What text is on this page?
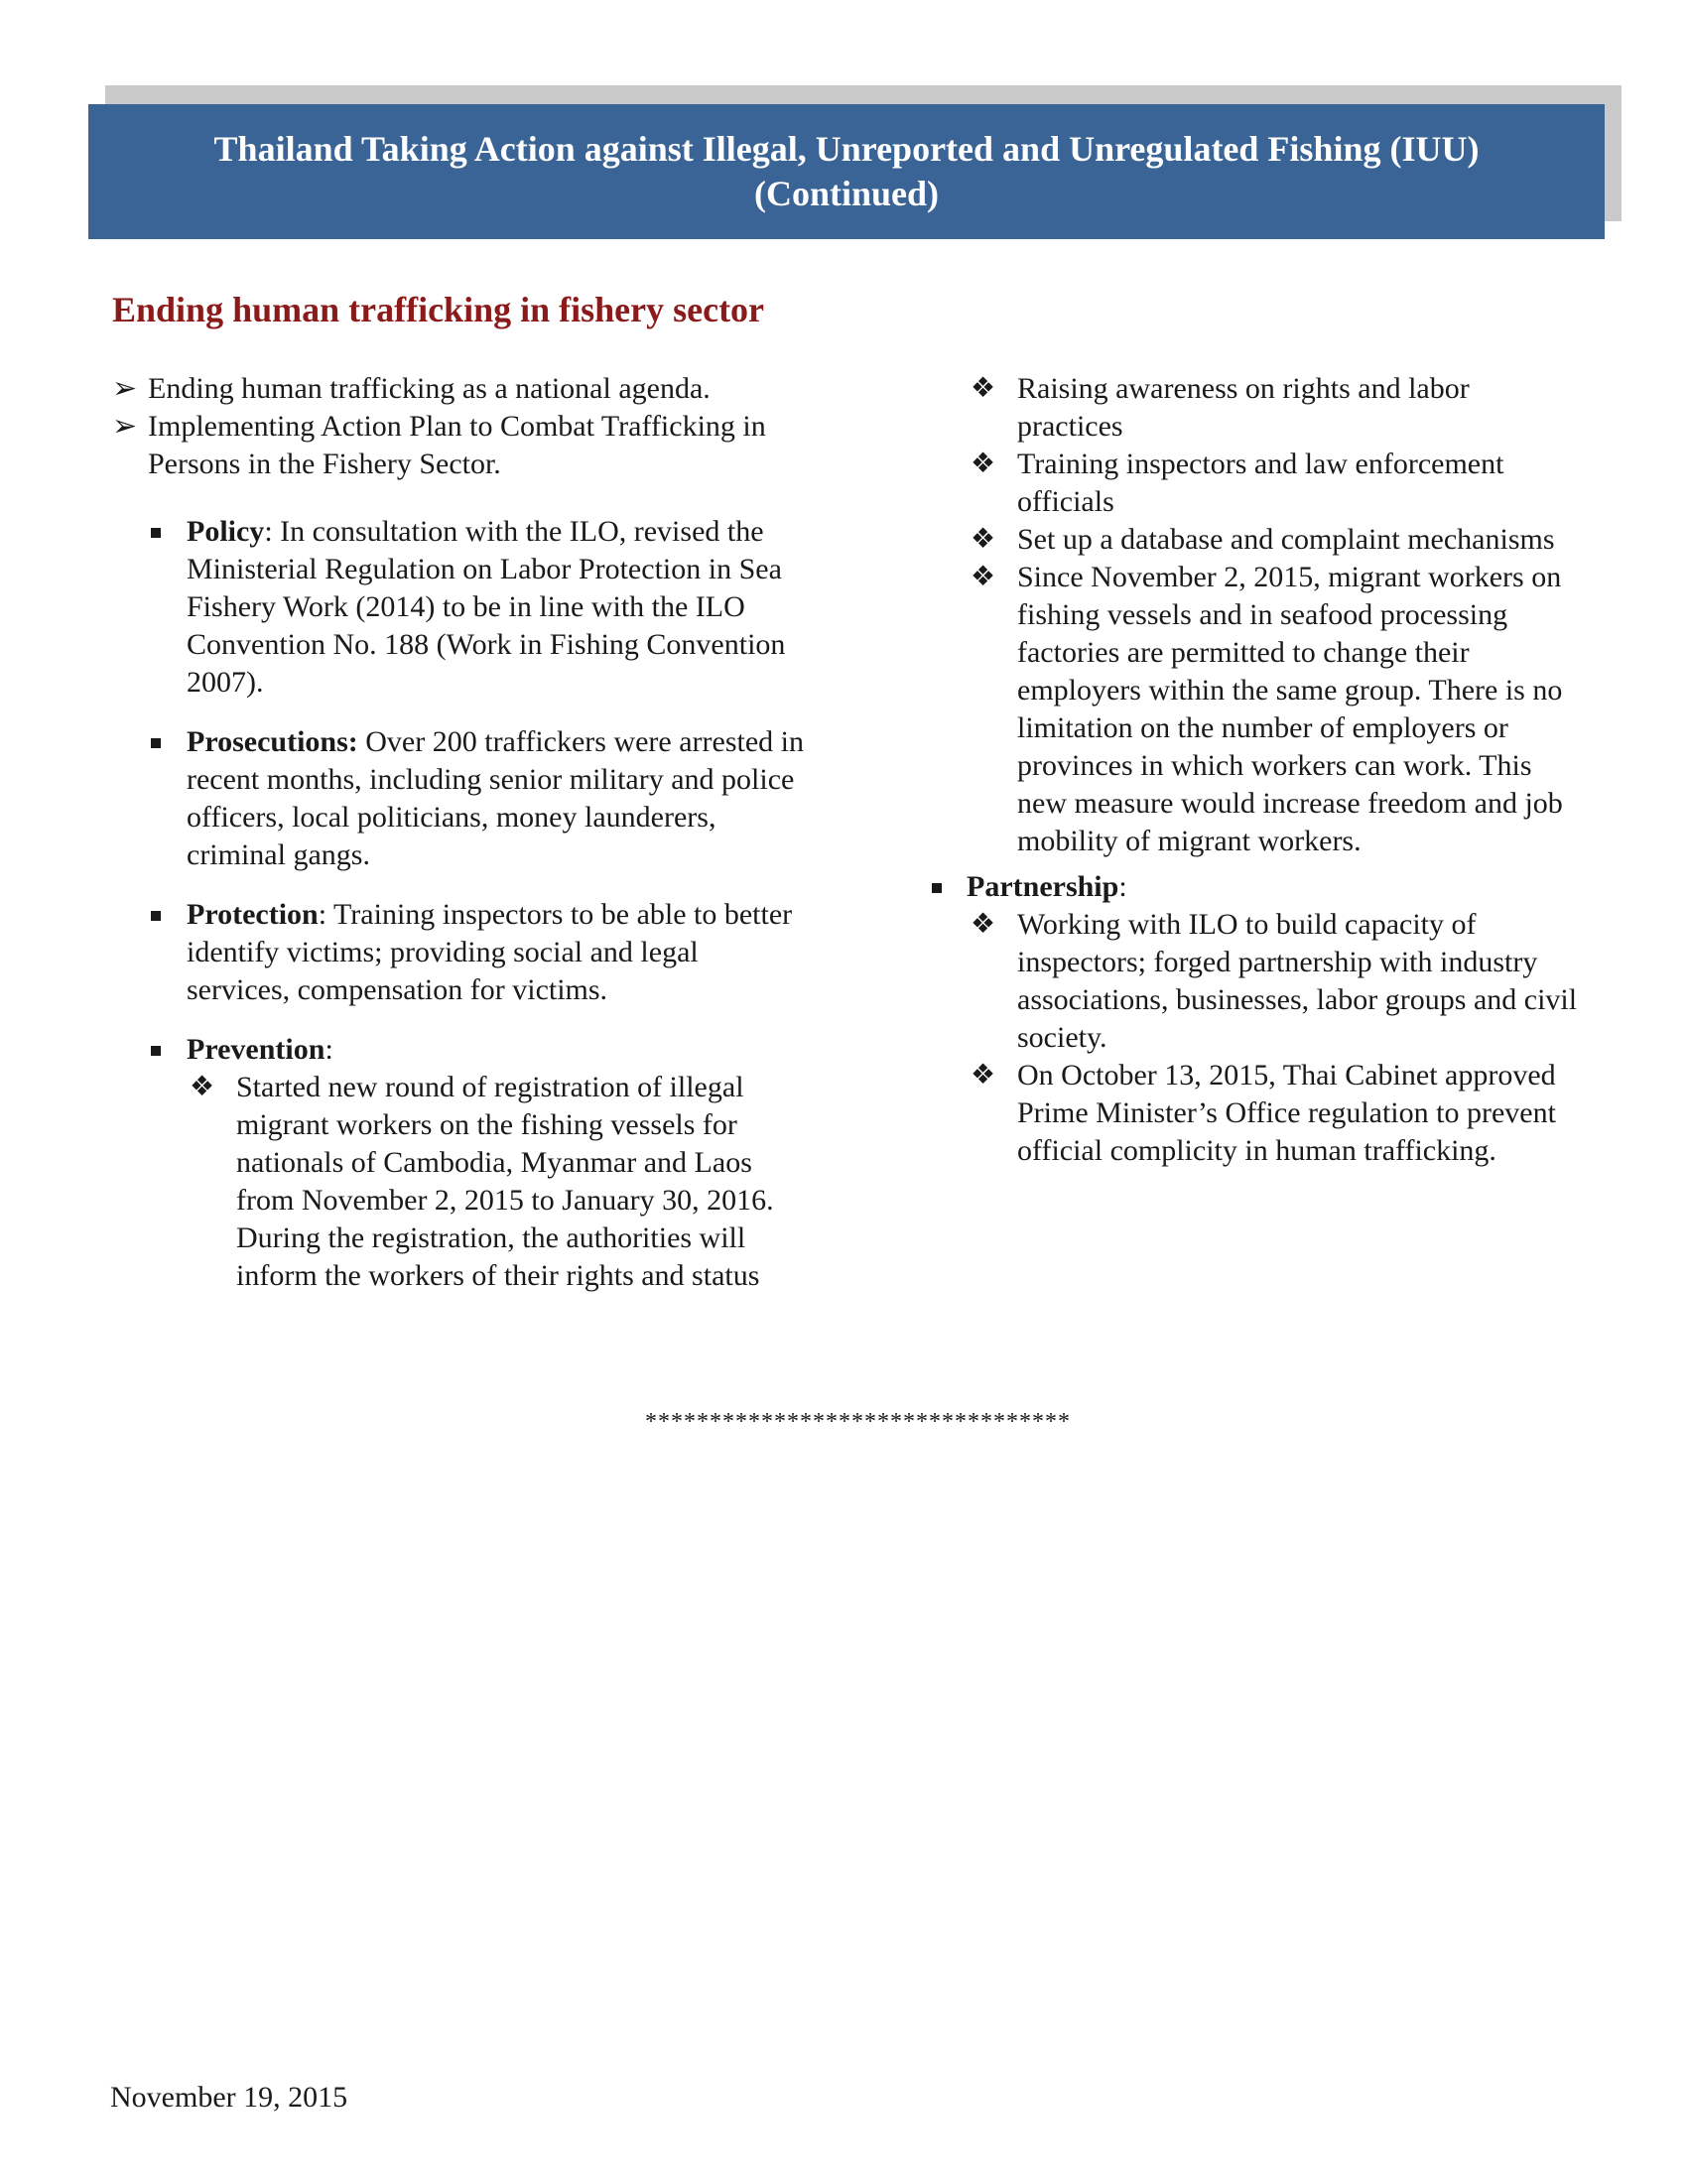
Thailand Taking Action against Illegal, Unreported and Unregulated Fishing (IUU)
(Continued)
Ending human trafficking in fishery sector

➢ Ending human trafficking as a national agenda.

➢ Implementing Action Plan to Combat Trafficking in Persons in the Fishery Sector.

Policy: In consultation with the ILO, revised the Ministerial Regulation on Labor Protection in Sea Fishery Work (2014) to be in line with the ILO Convention No. 188 (Work in Fishing Convention 2007).

Prosecutions: Over 200 traffickers were arrested in recent months, including senior military and police officers, local politicians, money launderers, criminal gangs.

Protection: Training inspectors to be able to better identify victims; providing social and legal services, compensation for victims.

Prevention:

❖ Started new round of registration of illegal migrant workers on the fishing vessels for nationals of Cambodia, Myanmar and Laos from November 2, 2015 to January 30, 2016. During the registration, the authorities will inform the workers of their rights and status

❖ Raising awareness on rights and labor practices

❖ Training inspectors and law enforcement officials

❖ Set up a database and complaint mechanisms

❖ Since November 2, 2015, migrant workers on fishing vessels and in seafood processing factories are permitted to change their employers within the same group. There is no limitation on the number of employers or provinces in which workers can work. This new measure would increase freedom and job mobility of migrant workers.

Partnership:

❖ Working with ILO to build capacity of inspectors; forged partnership with industry associations, businesses, labor groups and civil society.

❖ On October 13, 2015, Thai Cabinet approved Prime Minister’s Office regulation to prevent official complicity in human trafficking.

*********************************
November 19, 2015
